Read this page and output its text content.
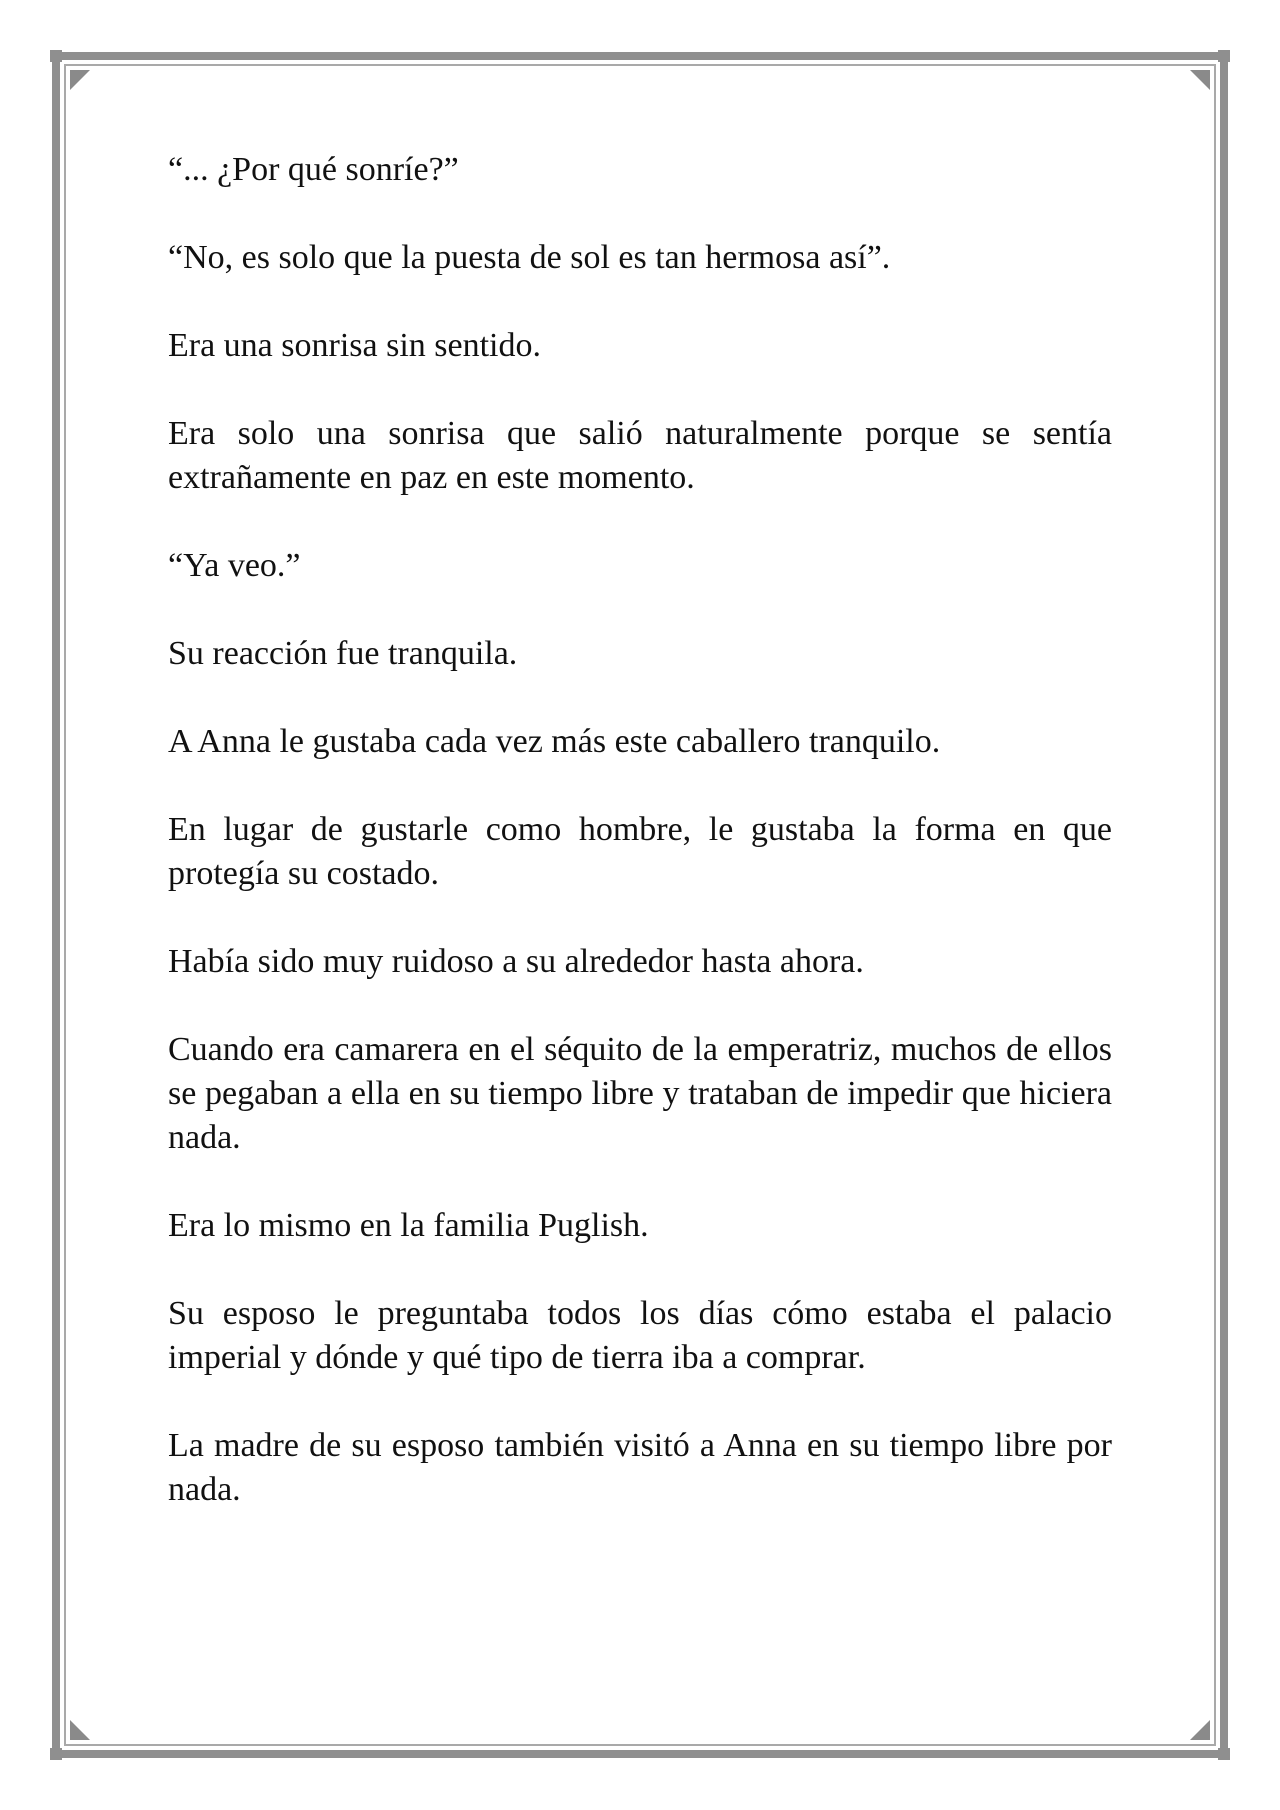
“... ¿Por qué sonríe?”

“No, es solo que la puesta de sol es tan hermosa así”.

Era una sonrisa sin sentido.

Era solo una sonrisa que salió naturalmente porque se sentía extrañamente en paz en este momento.

“Ya veo.”

Su reacción fue tranquila.

A Anna le gustaba cada vez más este caballero tranquilo.

En lugar de gustarle como hombre, le gustaba la forma en que protegía su costado.

Había sido muy ruidoso a su alrededor hasta ahora.

Cuando era camarera en el séquito de la emperatriz, muchos de ellos se pegaban a ella en su tiempo libre y trataban de impedir que hiciera nada.

Era lo mismo en la familia Puglish.

Su esposo le preguntaba todos los días cómo estaba el palacio imperial y dónde y qué tipo de tierra iba a comprar.

La madre de su esposo también visitó a Anna en su tiempo libre por nada.
